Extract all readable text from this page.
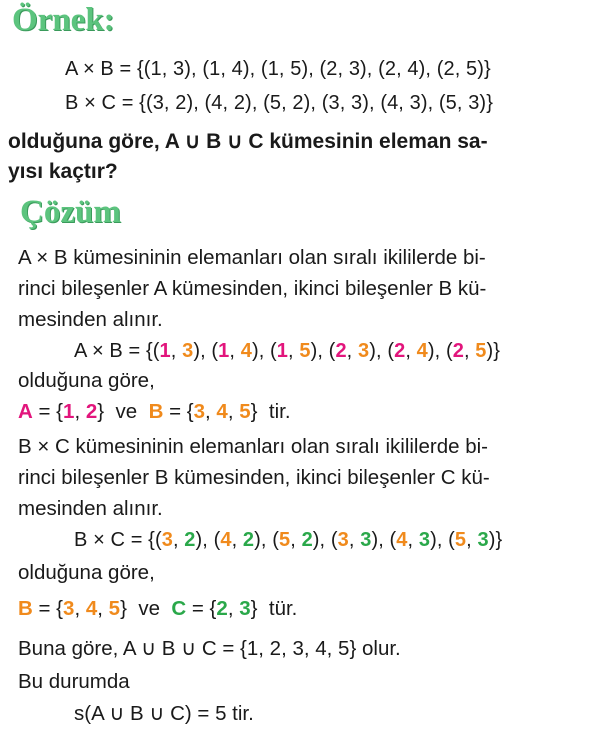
Örnek:
A × B = {(1, 3), (1, 4), (1, 5), (2, 3), (2, 4), (2, 5)}
B × C = {(3, 2), (4, 2), (5, 2), (3, 3), (4, 3), (5, 3)}
olduğuna göre, A ∪ B ∪ C kümesinin eleman sa-
yısı kaçtır?
Çözüm
A × B kümesininin elemanları olan sıralı ikililerde bi-
rinci bileşenler A kümesinden, ikinci bileşenler B kü-
mesinden alınır.
A × B = {(1, 3), (1, 4), (1, 5), (2, 3), (2, 4), (2, 5)}
olduğuna göre,
A = {1, 2}  ve B = {3, 4, 5}  tir.
B × C kümesininin elemanları olan sıralı ikililerde bi-
rinci bileşenler B kümesinden, ikinci bileşenler C kü-
mesinden alınır.
B × C = {(3, 2), (4, 2), (5, 2), (3, 3), (4, 3), (5, 3)}
olduğuna göre,
B = {3, 4, 5}  ve C = {2, 3}  tür.
Buna göre, A ∪ B ∪ C = {1, 2, 3, 4, 5} olur.
Bu durumda
s(A ∪ B ∪ C) = 5 tir.
